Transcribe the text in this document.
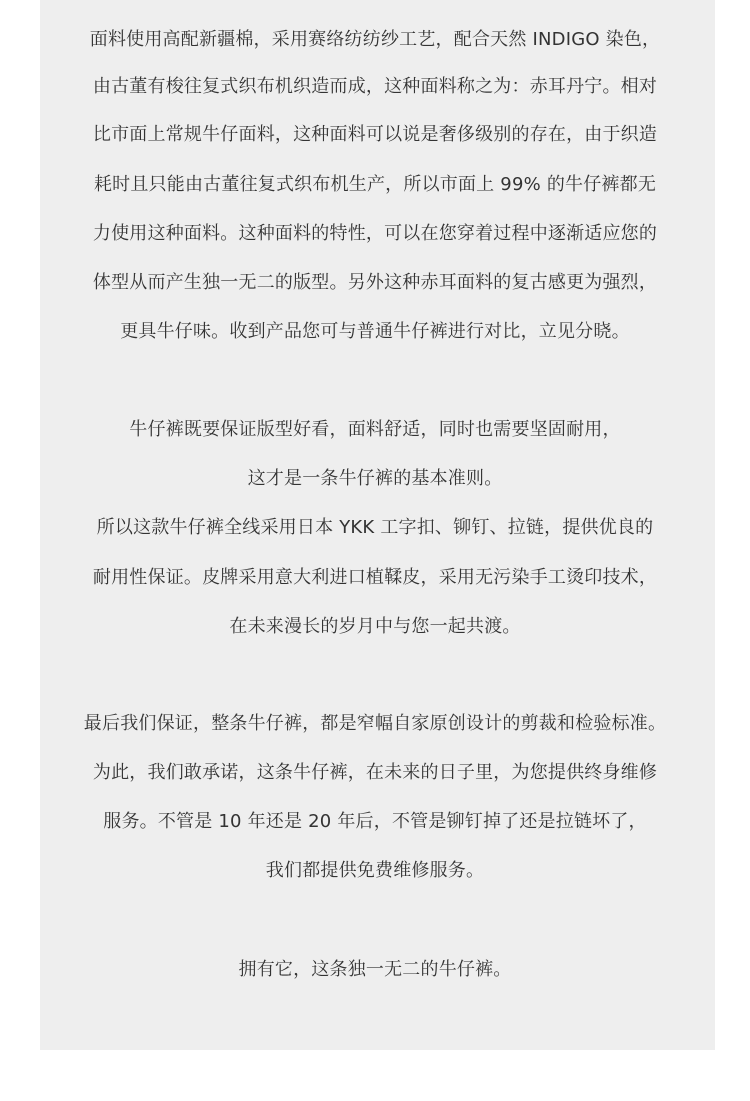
面料使用高配新疆棉，采用赛络纺纺纱工艺，配合天然 INDIGO 染色，
由古董有梭往复式织布机织造而成，这种面料称之为：赤耳丹宁。相对
比市面上常规牛仔面料，这种面料可以说是奢侈级别的存在，由于织造
耗时且只能由古董往复式织布机生产，所以市面上 99% 的牛仔裤都无
力使用这种面料。这种面料的特性，可以在您穿着过程中逐渐适应您的
体型从而产生独一无二的版型。另外这种赤耳面料的复古感更为强烈，
更具牛仔味。收到产品您可与普通牛仔裤进行对比，立见分晓。
牛仔裤既要保证版型好看，面料舒适，同时也需要坚固耐用，
这才是一条牛仔裤的基本准则。
所以这款牛仔裤全线采用日本 YKK 工字扣、铆钉、拉链，提供优良的
耐用性保证。皮牌采用意大利进口植鞣皮，采用无污染手工烫印技术，
在未来漫长的岁月中与您一起共渡。
最后我们保证，整条牛仔裤，都是窄幅自家原创设计的剪裁和检验标准。
为此，我们敢承诺，这条牛仔裤，在未来的日子里，为您提供终身维修
服务。不管是 10 年还是 20 年后，不管是铆钉掉了还是拉链坏了，
我们都提供免费维修服务。
拥有它，这条独一无二的牛仔裤。
